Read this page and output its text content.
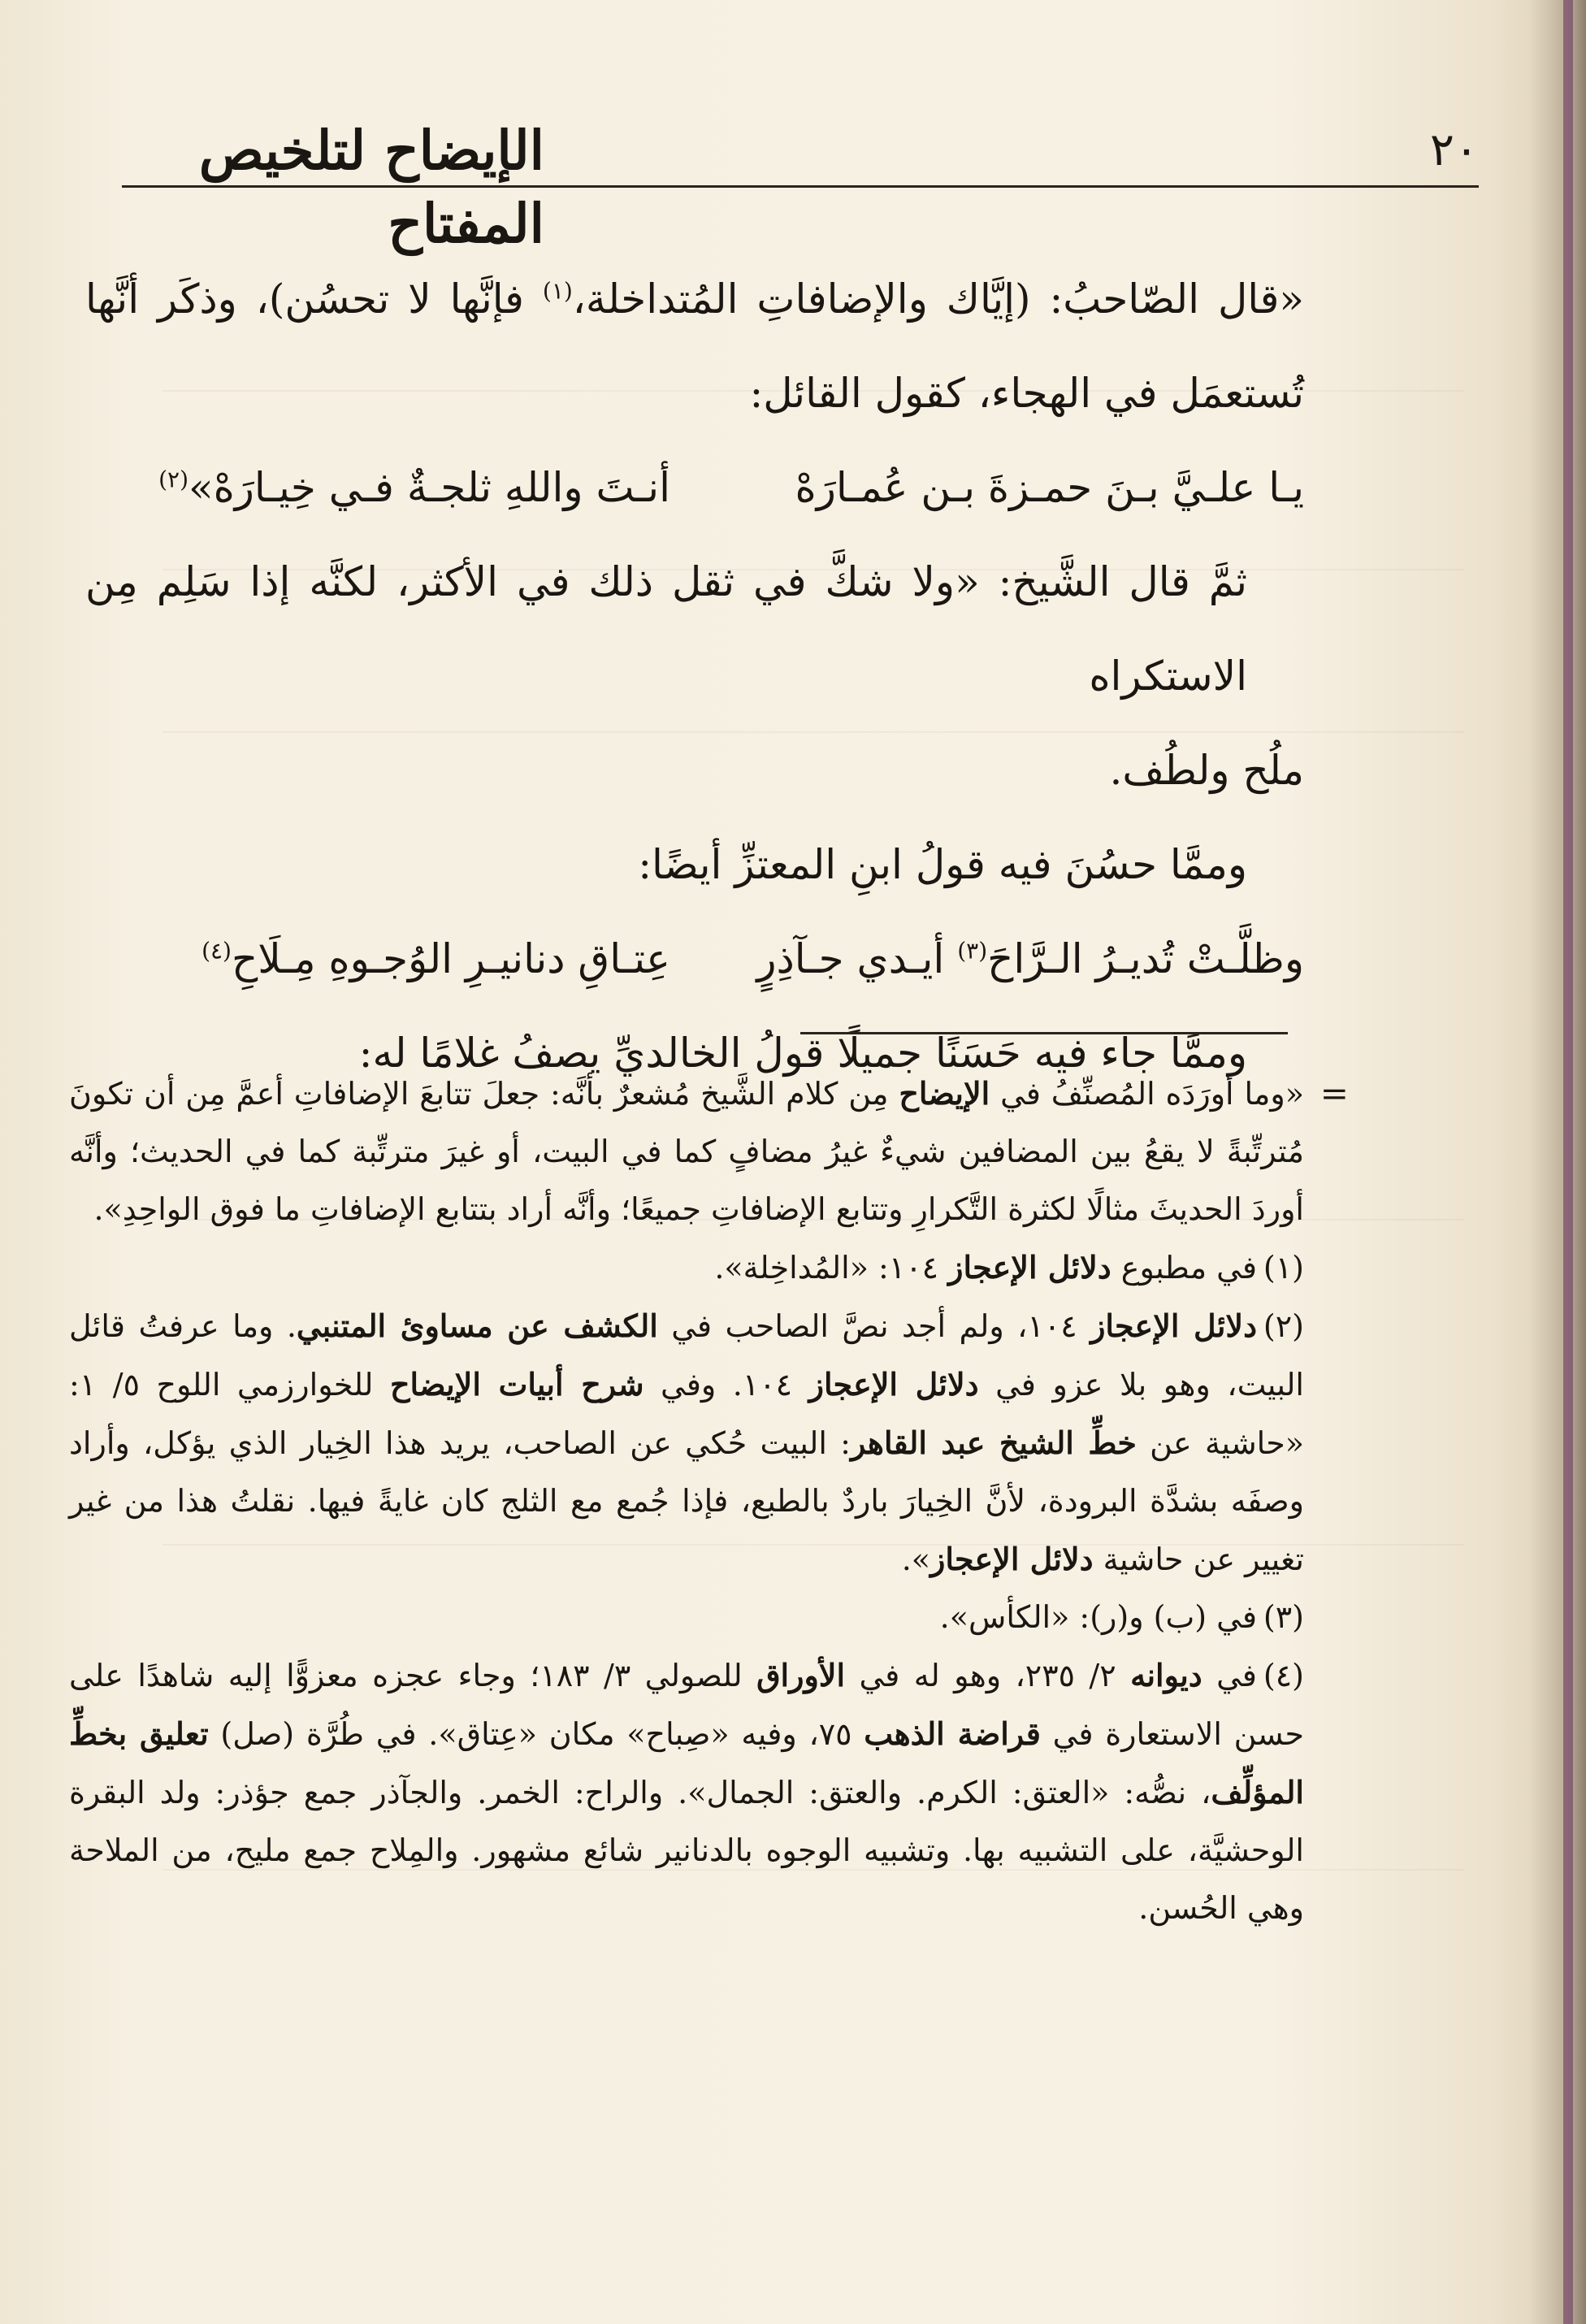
الإيضاح لتلخيص المفتاح
٢٠

«قال الصّاحبُ: (إيَّاك والإضافاتِ المُتداخلة،$^{(١)}$ فإنَّها لا تحسُن)، وذكَر أنَّها تُستعمَل في الهجاء، كقول القائل:

يـا علـيَّ بـنَ حمـزةَ بـن عُمـارَهْ
أنـتَ واللهِ ثلجـةٌ فـي خِيـارَهْ»$^{(٢)}$

ثمَّ قال الشَّيخ: «ولا شكَّ في ثقل ذلك في الأكثر، لكنَّه إذا سَلِم مِن الاستكراه

ملُح ولطُف.

وممَّا حسُنَ فيه قولُ ابنِ المعتزِّ أيضًا:

وظلَّـتْ تُديـرُ الـرَّاحَ$^{(٣)}$ أيـدي جـآذِرٍ
عِتـاقِ دنانيـرِ الوُجـوهِ مِـلَاحِ$^{(٤)}$

وممَّا جاء فيه حَسَنًا جميلًا قولُ الخالديِّ يصفُ غلامًا له:

=
«وما أورَدَه المُصنِّفُ في الإيضاح مِن كلام الشَّيخ مُشعرٌ بأنَّه: جعلَ تتابعَ الإضافاتِ أعمَّ مِن أن تكونَ مُترتِّبةً لا يقعُ بين المضافين شيءٌ غيرُ مضافٍ كما في البيت، أو غيرَ مترتِّبة كما في الحديث؛ وأنَّه أوردَ الحديثَ مثالًا لكثرة التَّكرارِ وتتابع الإضافاتِ جميعًا؛ وأنَّه أراد بتتابع الإضافاتِ ما فوق الواحِدِ».

(١)في مطبوع دلائل الإعجاز ١٠٤: «المُداخِلة».

(٢)دلائل الإعجاز ١٠٤، ولم أجد نصَّ الصاحب في الكشف عن مساوئ المتنبي. وما عرفتُ قائل البيت، وهو بلا عزو في دلائل الإعجاز ١٠٤. وفي شرح أبيات الإيضاح للخوارزمي اللوح ٥/ ١: «حاشية عن خطِّ الشيخ عبد القاهر: البيت حُكي عن الصاحب، يريد هذا الخِيار الذي يؤكل، وأراد وصفَه بشدَّة البرودة، لأنَّ الخِيارَ باردٌ بالطبع، فإذا جُمع مع الثلج كان غايةً فيها. نقلتُ هذا من غير تغيير عن حاشية دلائل الإعجاز».

(٣)في (ب) و(ر): «الكأس».

(٤)في ديوانه ٢/ ٢٣٥، وهو له في الأوراق للصولي ٣/ ١٨٣؛ وجاء عجزه معزوًّا إليه شاهدًا على حسن الاستعارة في قراضة الذهب ٧٥، وفيه «صِباح» مكان «عِتاق». في طُرَّة (صل) تعليق بخطِّ المؤلِّف، نصُّه: «العتق: الكرم. والعتق: الجمال». والراح: الخمر. والجآذر جمع جؤذر: ولد البقرة الوحشيَّة، على التشبيه بها. وتشبيه الوجوه بالدنانير شائع مشهور. والمِلاح جمع مليح، من الملاحة وهي الحُسن.
